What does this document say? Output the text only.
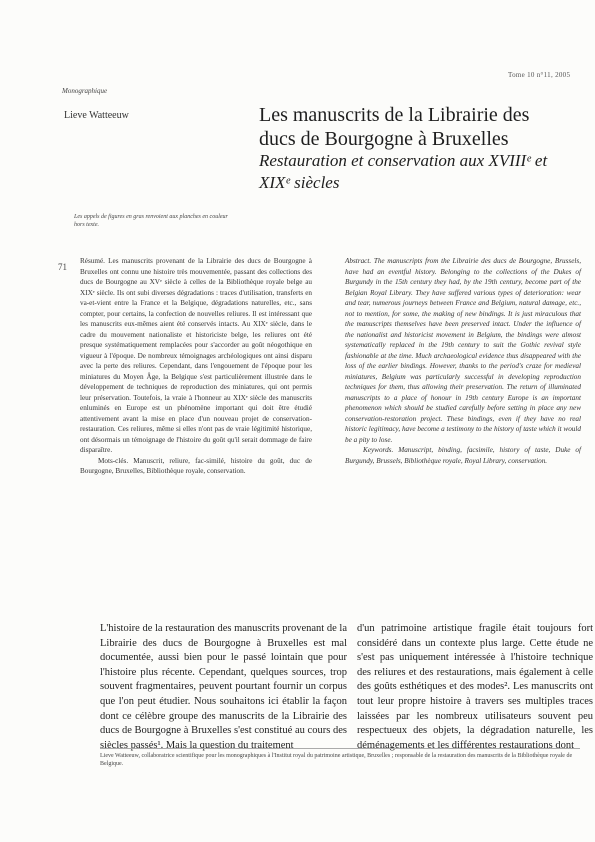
Monographique
Tome 10 n°11, 2005
Lieve Watteeuw	Les manuscrits de la Librairie des ducs de Bourgogne à Bruxelles
Restauration et conservation aux XVIIIᵉ et XIXᵉ siècles
Les appels de figures en gras renvoient aux planches en couleur hors texte.
71
Résumé. Les manuscrits provenant de la Librairie des ducs de Bourgogne à Bruxelles ont connu une histoire très mouvementée, passant des collections des ducs de Bourgogne au XVᵉ siècle à celles de la Bibliothèque royale belge au XIXᵉ siècle. Ils ont subi diverses dégradations : traces d'utilisation, transferts en va-et-vient entre la France et la Belgique, dégradations naturelles, etc., sans compter, pour certains, la confection de nouvelles reliures. Il est intéressant que les manuscrits eux-mêmes aient été conservés intacts. Au XIXᵉ siècle, dans le cadre du mouvement nationaliste et historiciste belge, les reliures ont été presque systématiquement remplacées pour s'accorder au goût néogothique en vigueur à l'époque. De nombreux témoignages archéologiques ont ainsi disparu avec la perte des reliures. Cependant, dans l'engouement de l'époque pour les miniatures du Moyen Âge, la Belgique s'est particulièrement illustrée dans le développement de techniques de reproduction des miniatures, qui ont permis leur préservation. Toutefois, la vraie à l'honneur au XIXᵉ siècle des manuscrits enluminés en Europe est un phénomène important qui doit être étudié attentivement avant la mise en place d'un nouveau projet de conservation-restauration. Ces reliures, même si elles n'ont pas de vraie légitimité historique, ont désormais un témoignage de l'histoire du goût qu'il serait dommage de faire disparaître.
Mots-clés. Manuscrit, reliure, fac-similé, histoire du goût, duc de Bourgogne, Bruxelles, Bibliothèque royale, conservation.
Abstract. The manuscripts from the Librairie des ducs de Bourgogne, Brussels, have had an eventful history. Belonging to the collections of the Dukes of Burgundy in the 15th century they had, by the 19th century, become part of the Belgian Royal Library. They have suffered various types of deterioration: wear and tear, numerous journeys between France and Belgium, natural damage, etc., not to mention, for some, the making of new bindings. It is just miraculous that the manuscripts themselves have been preserved intact. Under the influence of the nationalist and historicist movement in Belgium, the bindings were almost systematically replaced in the 19th century to suit the Gothic revival style fashionable at the time. Much archaeological evidence thus disappeared with the loss of the earlier bindings. However, thanks to the period's craze for medieval miniatures, Belgium was particularly successful in developing reproduction techniques for them, thus allowing their preservation. The return of illuminated manuscripts to a place of honour in 19th century Europe is an important phenomenon which should be studied carefully before setting in place any new conservation-restoration project. These bindings, even if they have no real historic legitimacy, have become a testimony to the history of taste which it would be a pity to lose.
Keywords. Manuscript, binding, facsimile, history of taste, Duke of Burgundy, Brussels, Bibliothèque royale, Royal Library, conservation.
L'histoire de la restauration des manuscrits provenant de la Librairie des ducs de Bourgogne à Bruxelles est mal documentée, aussi bien pour le passé lointain que pour l'histoire plus récente. Cependant, quelques sources, trop souvent fragmentaires, peuvent pourtant fournir un corpus que l'on peut étudier. Nous souhaitons ici établir la façon dont ce célèbre groupe des manuscrits de la Librairie des ducs de Bourgogne à Bruxelles s'est constitué au cours des siècles passés¹. Mais la question du traitement
d'un patrimoine artistique fragile était toujours fort considéré dans un contexte plus large. Cette étude ne s'est pas uniquement intéressée à l'histoire technique des reliures et des restaurations, mais également à celle des goûts esthétiques et des modes². Les manuscrits ont tout leur propre histoire à travers ses multiples traces laissées par les nombreux utilisateurs souvent peu respectueux des objets, la dégradation naturelle, les déménagements et les différentes restaurations dont
Lieve Watteeuw, collaboratrice scientifique pour les monographiques à l'Institut royal du patrimoine artistique, Bruxelles ; responsable de la restauration des manuscrits de la Bibliothèque royale de Belgique.
